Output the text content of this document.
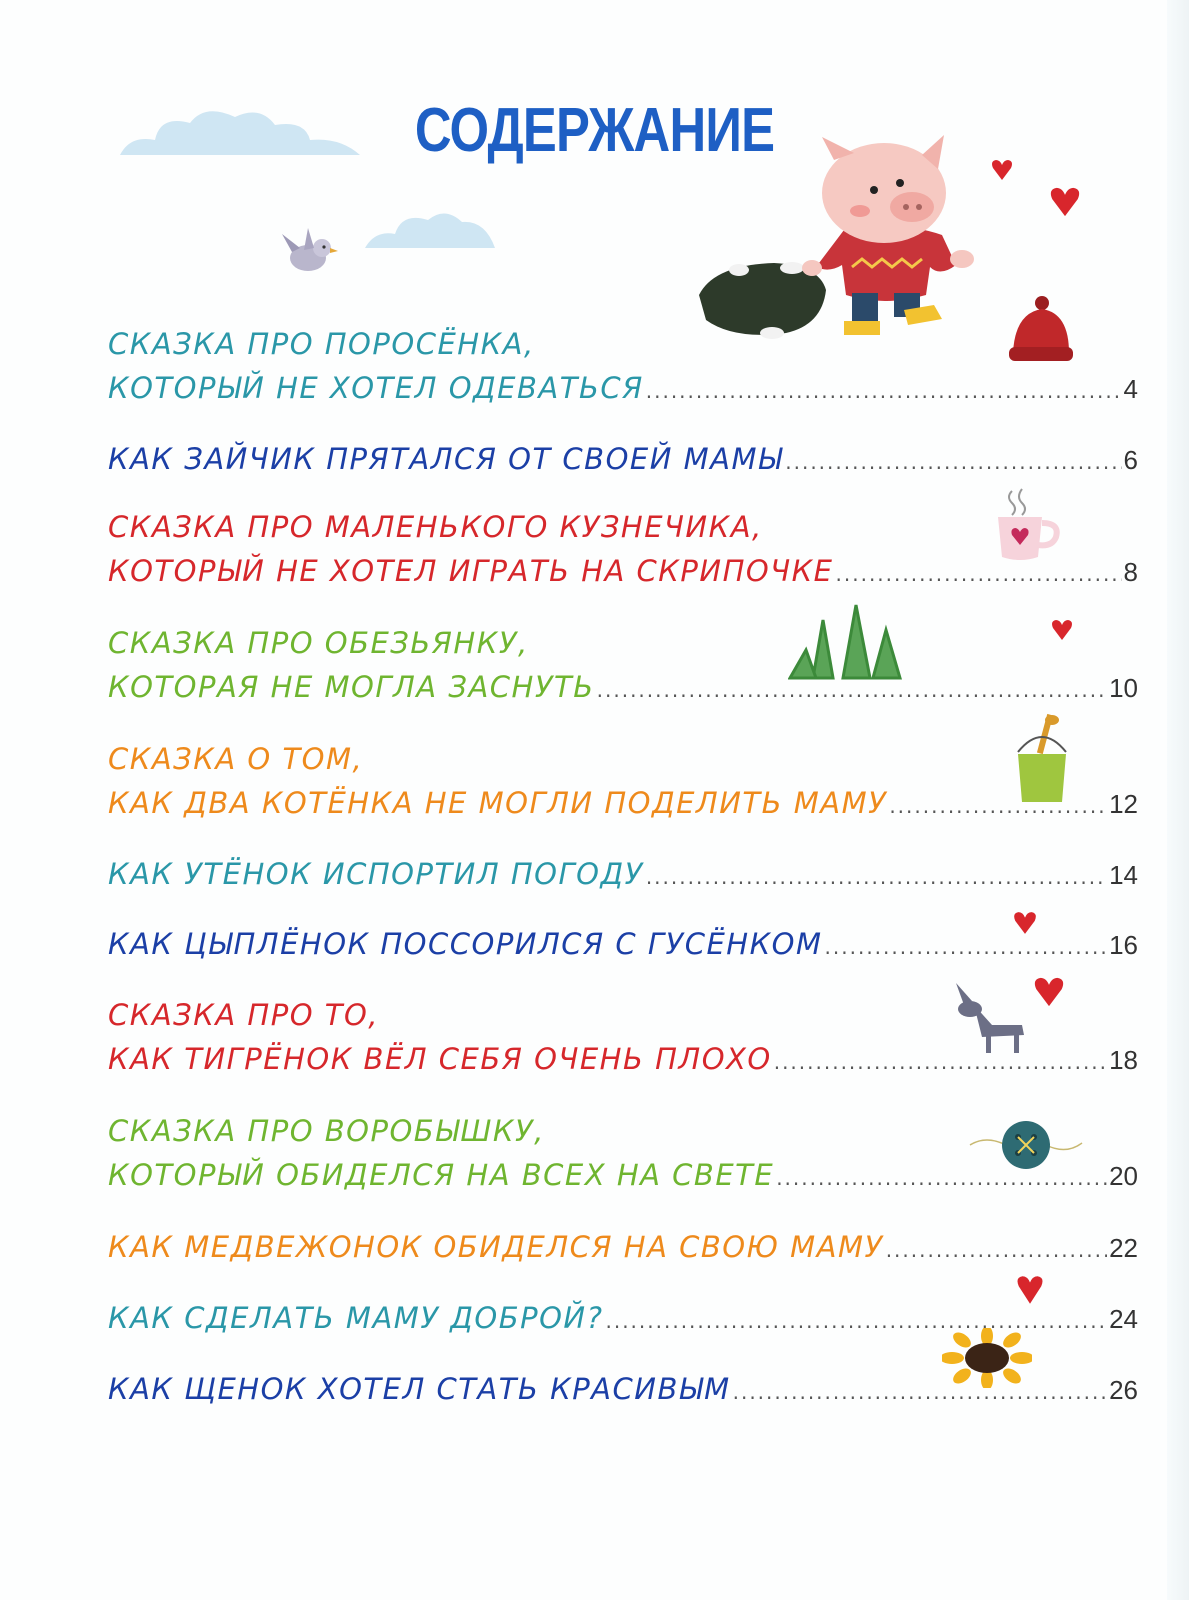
СОДЕРЖАНИЕ
СКАЗКА ПРО ПОРОСЁНКА,
КОТОРЫЙ НЕ ХОТЕЛ ОДЕВАТЬСЯ .....	4
КАК ЗАЙЧИК ПРЯТАЛСЯ ОТ СВОЕЙ МАМЫ .....	6
СКАЗКА ПРО МАЛЕНЬКОГО КУЗНЕЧИКА,
КОТОРЫЙ НЕ ХОТЕЛ ИГРАТЬ НА СКРИПОЧКЕ .....	8
СКАЗКА ПРО ОБЕЗЬЯНКУ,
КОТОРАЯ НЕ МОГЛА ЗАСНУТЬ .....	10
СКАЗКА О ТОМ,
КАК ДВА КОТЁНКА НЕ МОГЛИ ПОДЕЛИТЬ МАМУ .....	12
КАК УТЁНОК ИСПОРТИЛ ПОГОДУ .....	14
КАК ЦЫПЛЁНОК ПОССОРИЛСЯ С ГУСЁНКОМ .....	16
СКАЗКА ПРО ТО,
КАК ТИГРЁНОК ВЁЛ СЕБЯ ОЧЕНЬ ПЛОХО .....	18
СКАЗКА ПРО ВОРОБЫШКУ,
КОТОРЫЙ ОБИДЕЛСЯ НА ВСЕХ НА СВЕТЕ .....	20
КАК МЕДВЕЖОНОК ОБИДЕЛСЯ НА СВОЮ МАМУ .....	22
КАК СДЕЛАТЬ МАМУ ДОБРОЙ? .....	24
КАК ЩЕНОК ХОТЕЛ СТАТЬ КРАСИВЫМ .....	26
